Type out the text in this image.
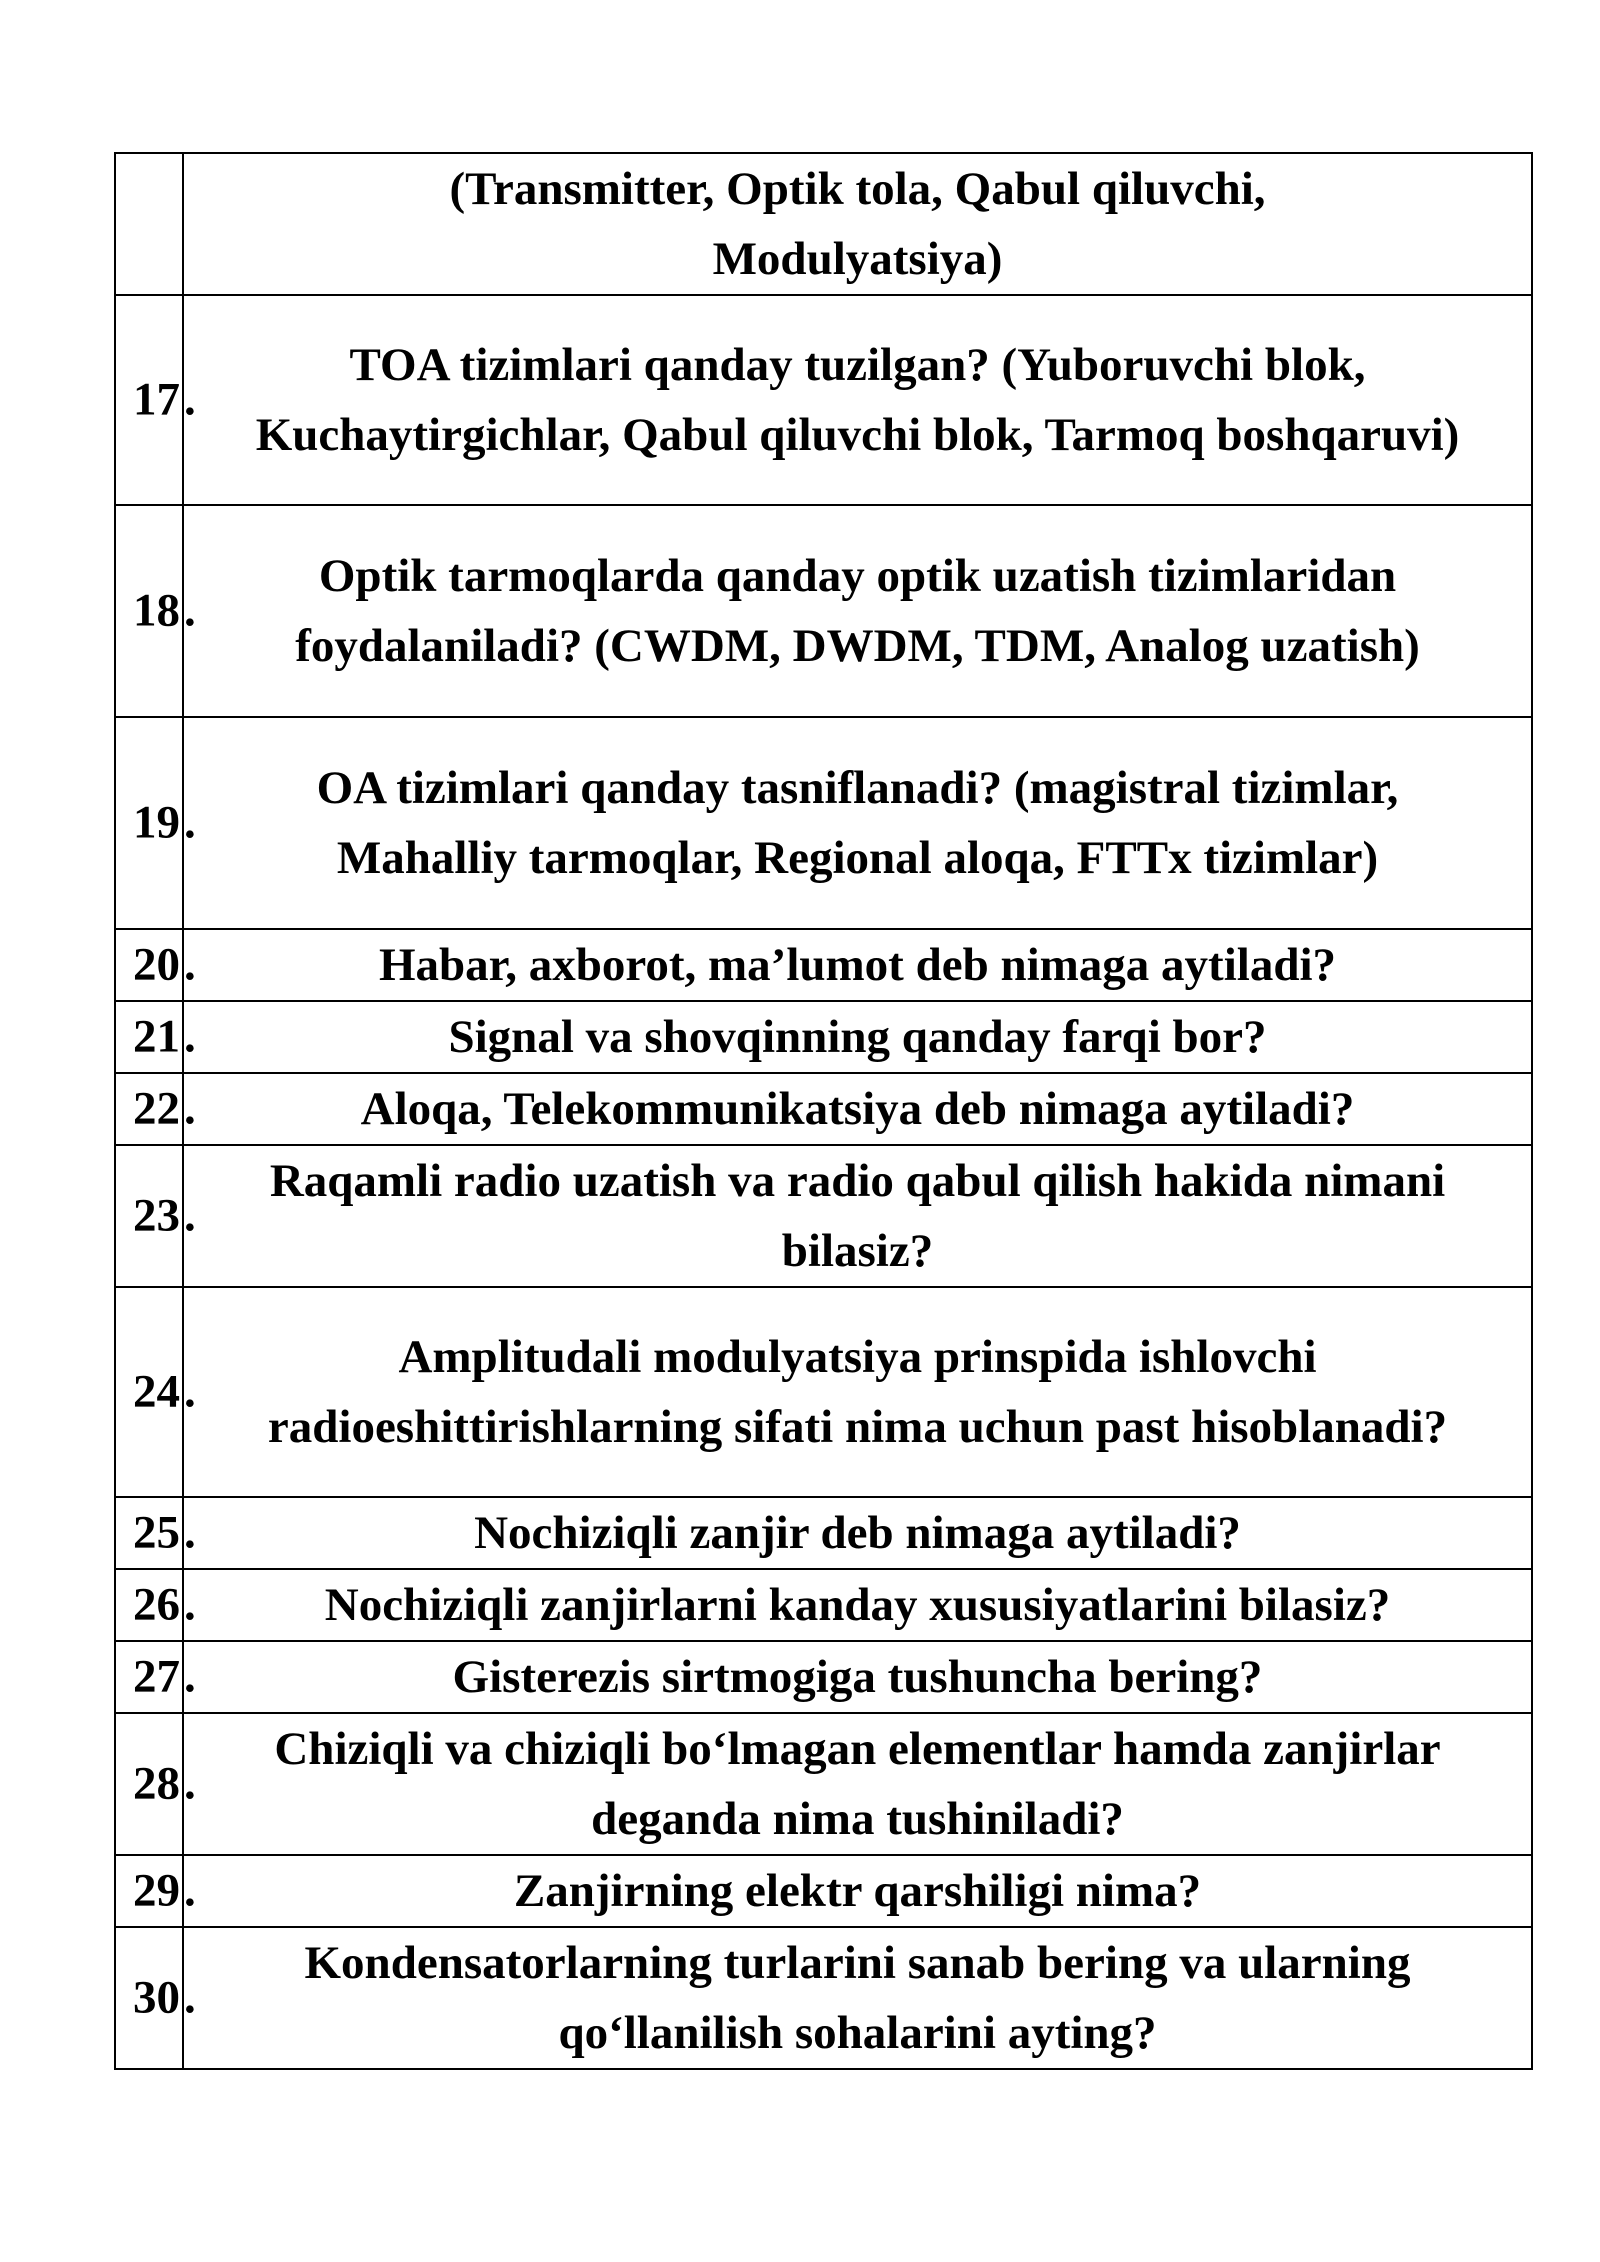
	(Transmitter, Optik tola, Qabul qiluvchi, Modulyatsiya)

17 .	TOA tizimlari qanday tuzilgan? (Yuboruvchi blok, Kuchaytirgichlar, Qabul qiluvchi blok, Tarmoq boshqaruvi)

18 .	Optik tarmoqlarda qanday optik uzatish tizimlaridan foydalaniladi? (CWDM, DWDM, TDM, Analog uzatish)

19 .	OA tizimlari qanday tasniflanadi? (magistral tizimlar, Mahalliy tarmoqlar, Regional aloqa, FTTx tizimlar)

20 .	Habar, axborot, ma’lumot deb nimaga aytiladi?

21 .	Signal va shovqinning qanday farqi bor?

22 .	Aloqa, Telekommunikatsiya deb nimaga aytiladi?

23 .	Raqamli radio uzatish va radio qabul qilish hakida nimani bilasiz?

24 .	Amplitudali modulyatsiya prinspida ishlovchi radioeshittirishlarning sifati nima uchun past hisoblanadi?

25 .	Nochiziqli zanjir deb nimaga aytiladi?

26 .	Nochiziqli zanjirlarni kanday xususiyatlarini bilasiz?

27 .	Gisterezis sirtmogiga tushuncha bering?

28 .	Chiziqli va chiziqli bo‘lmagan elementlar hamda zanjirlar deganda nima tushiniladi?

29 .	Zanjirning elektr qarshiligi nima?

30 .	Kondensatorlarning turlarini sanab bering va ularning qo‘llanilish sohalarini ayting?
